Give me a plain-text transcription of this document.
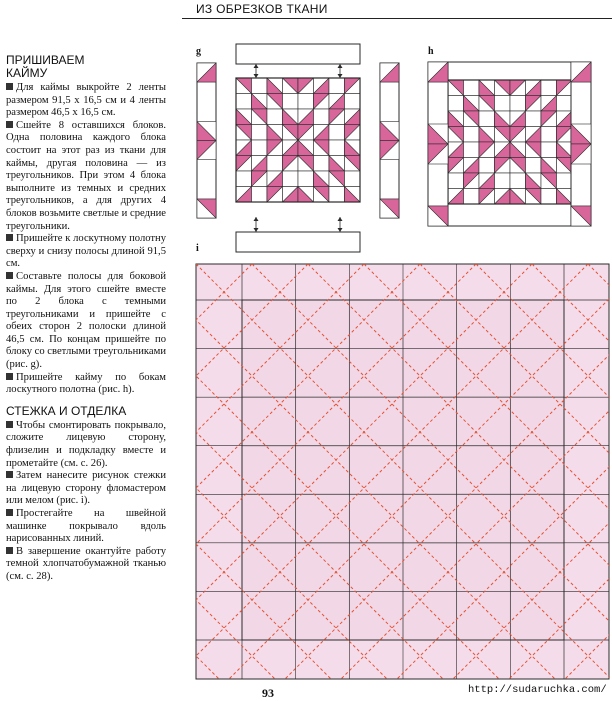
ИЗ ОБРЕЗКОВ ТКАНИ
ПРИШИВАЕМ
КАЙМУ

Для каймы выкройте 2 ленты размером 91,5 x 16,5 см и 4 ленты размером 46,5 x 16,5 см.

Сшейте 8 оставшихся блоков. Одна половина каждого блока состоит на этот раз из ткани для каймы, другая половина — из треугольников. При этом 4 блока выполните из темных и средних треугольников, а для других 4 блоков возьмите светлые и средние треугольники.

Пришейте к лоскутному полотну сверху и снизу полосы длиной 91,5 см.

Составьте полосы для боковой каймы. Для этого сшейте вместе по 2 блока с темными треугольниками и пришейте с обеих сторон 2 полоски длиной 46,5 см. По концам пришейте по блоку со светлыми треугольниками (рис. g).

Пришейте кайму по бокам лоскутного полотна (рис. h).

СТЕЖКА И ОТДЕЛКА

Чтобы смонтировать покрывало, сложите лицевую сторону, флизелин и подкладку вместе и прометайте (см. с. 26).

Затем нанесите рисунок стежки на лицевую сторону фломастером или мелом (рис. i).

Простегайте на швейной машинке покрывало вдоль нарисованных линий.

В завершение окантуйте работу темной хлопчатобумажной тканью (см. с. 28).

g	h
i
93	http://sudaruchka.com/
